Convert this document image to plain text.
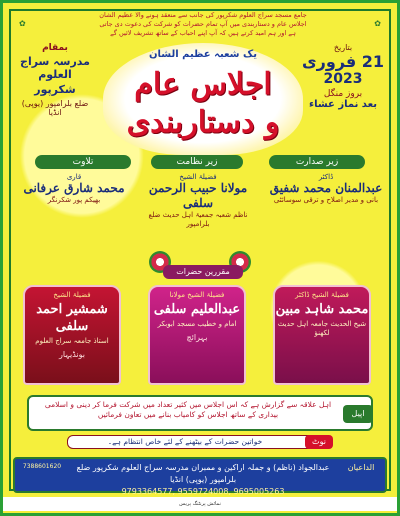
✿	✿
جامع مسجد سراج العلوم شکرپور کی جانب سے منعقد ہونے والا عظیم الشان اجلاس عام و دستاربندی میں آپ تمام حضرات کو شرکت کی دعوت دی جاتی ہے اور ہم امید کرتے ہیں کہ آپ اپنے احباب کے ساتھ تشریف لائیں گے
بمقام
مدرسہ سراج العلوم
شکرپور
ضلع بلرامپور (یوپی) انڈیا
یک شعبہ عظیم الشان
اجلاس عام
و دستاربندی
بتاریخ
21 فروری
2023
بروز منگل
بعد نماز عشاء
زیر صدارت
زیر نظامت
تلاوت
ڈاکٹر
عبدالمنان محمد شفیق
بانی و مدیر اصلاح و ترقی سوسائٹی
فضیلۃ الشیخ
مولانا حبیب الرحمن سلفی
ناظم شعبہ جمعیۃ اہل حدیث ضلع بلرامپور
قاری
محمد شارق عرفانی
بھیکم پور شکرنگر
مقررین حضرات
فضیلۃ الشیخ ڈاکٹر
محمد شاہد مبین
شیخ الحدیث جامعہ اہل حدیث لکھنؤ
فضیلۃ الشیخ مولانا
عبدالعلیم سلفی
امام و خطیب مسجد ابوبکر
بہرائچ
فضیلۃ الشیخ
شمشیر احمد سلفی
استاذ جامعہ سراج العلوم
بونڈیہار
اپیل
اہل علاقہ سے گزارش ہے کہ اس اجلاس میں کثیر تعداد میں شرکت فرما کر دینی و اسلامی بیداری کے ساتھ اجلاس کو کامیاب بنانے میں تعاون فرمائیں
نوٹ
خواتین حضرات کے بیٹھنے کے لئے خاص انتظام ہے۔
الداعیان
عبدالجواد (ناظم) و جملہ اراکین و ممبران مدرسہ سراج العلوم شکرپور ضلع بلرامپور (یوپی) انڈیا
9793364577, 9559724008, 9695005263
7388601620
نمائش پرنٹنگ پریس
